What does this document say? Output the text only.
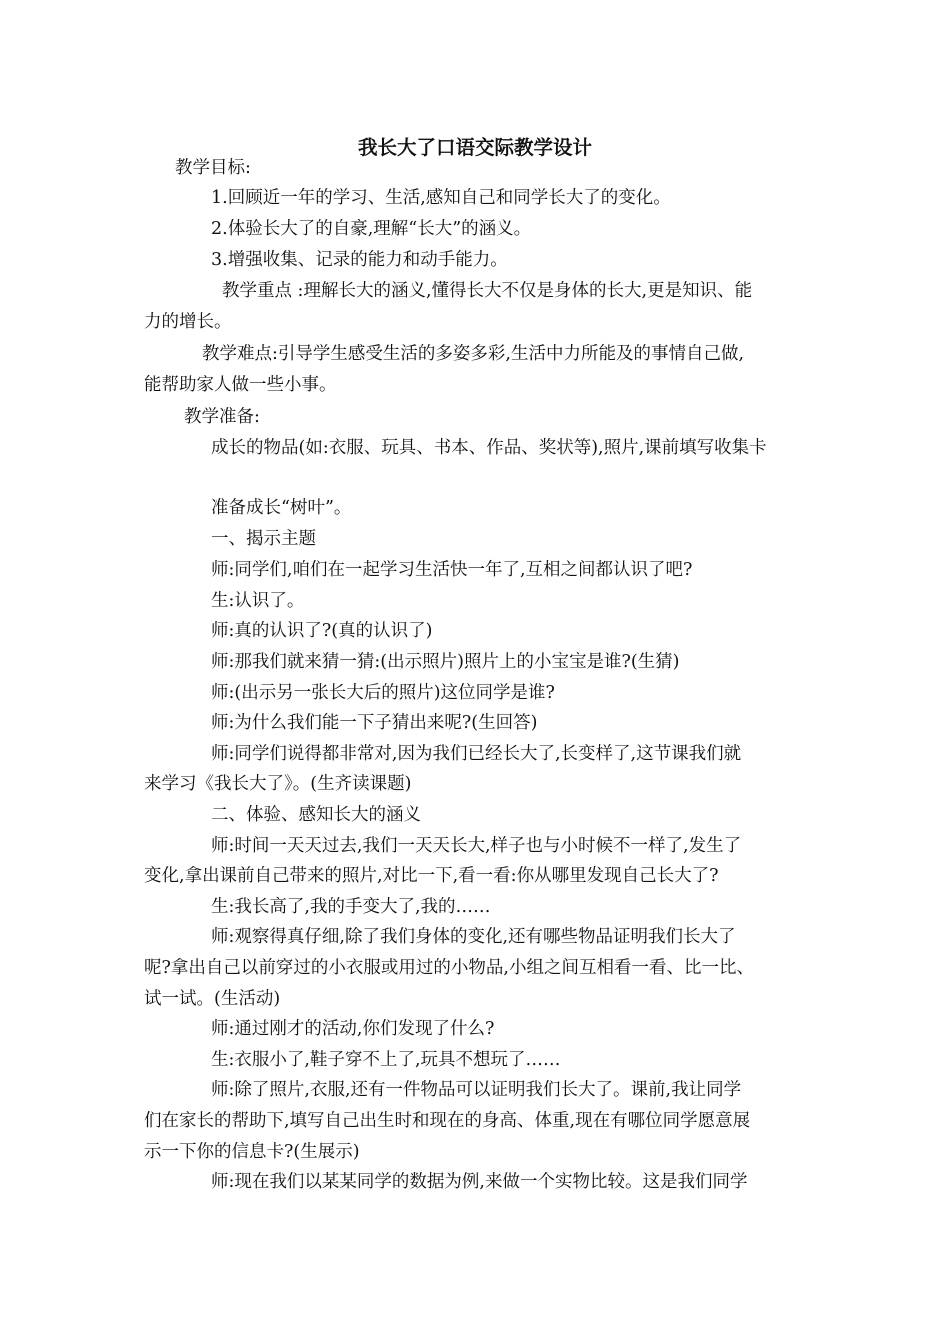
我长大了口语交际教学设计
教学目标:
1.回顾近一年的学习、生活,感知自己和同学长大了的变化。
2.体验长大了的自豪,理解“长大”的涵义。
3.增强收集、记录的能力和动手能力。
教学重点 :理解长大的涵义,懂得长大不仅是身体的长大,更是知识、能
力的增长。
教学难点:引导学生感受生活的多姿多彩,生活中力所能及的事情自己做,
能帮助家人做一些小事。
教学准备:
成长的物品(如:衣服、玩具、书本、作品、奖状等),照片,课前填写收集卡
准备成长“树叶”。
一、揭示主题
师:同学们,咱们在一起学习生活快一年了,互相之间都认识了吧?
生:认识了。
师:真的认识了?(真的认识了)
师:那我们就来猜一猜:(出示照片)照片上的小宝宝是谁?(生猜)
师:(出示另一张长大后的照片)这位同学是谁?
师:为什么我们能一下子猜出来呢?(生回答)
师:同学们说得都非常对,因为我们已经长大了,长变样了,这节课我们就
来学习《我长大了》。(生齐读课题)
二、体验、感知长大的涵义
师:时间一天天过去,我们一天天长大,样子也与小时候不一样了,发生了
变化,拿出课前自己带来的照片,对比一下,看一看:你从哪里发现自己长大了?
生:我长高了,我的手变大了,我的……
师:观察得真仔细,除了我们身体的变化,还有哪些物品证明我们长大了
呢?拿出自己以前穿过的小衣服或用过的小物品,小组之间互相看一看、比一比、
试一试。(生活动)
师:通过刚才的活动,你们发现了什么?
生:衣服小了,鞋子穿不上了,玩具不想玩了……
师:除了照片,衣服,还有一件物品可以证明我们长大了。课前,我让同学
们在家长的帮助下,填写自己出生时和现在的身高、体重,现在有哪位同学愿意展
示一下你的信息卡?(生展示)
师:现在我们以某某同学的数据为例,来做一个实物比较。这是我们同学
